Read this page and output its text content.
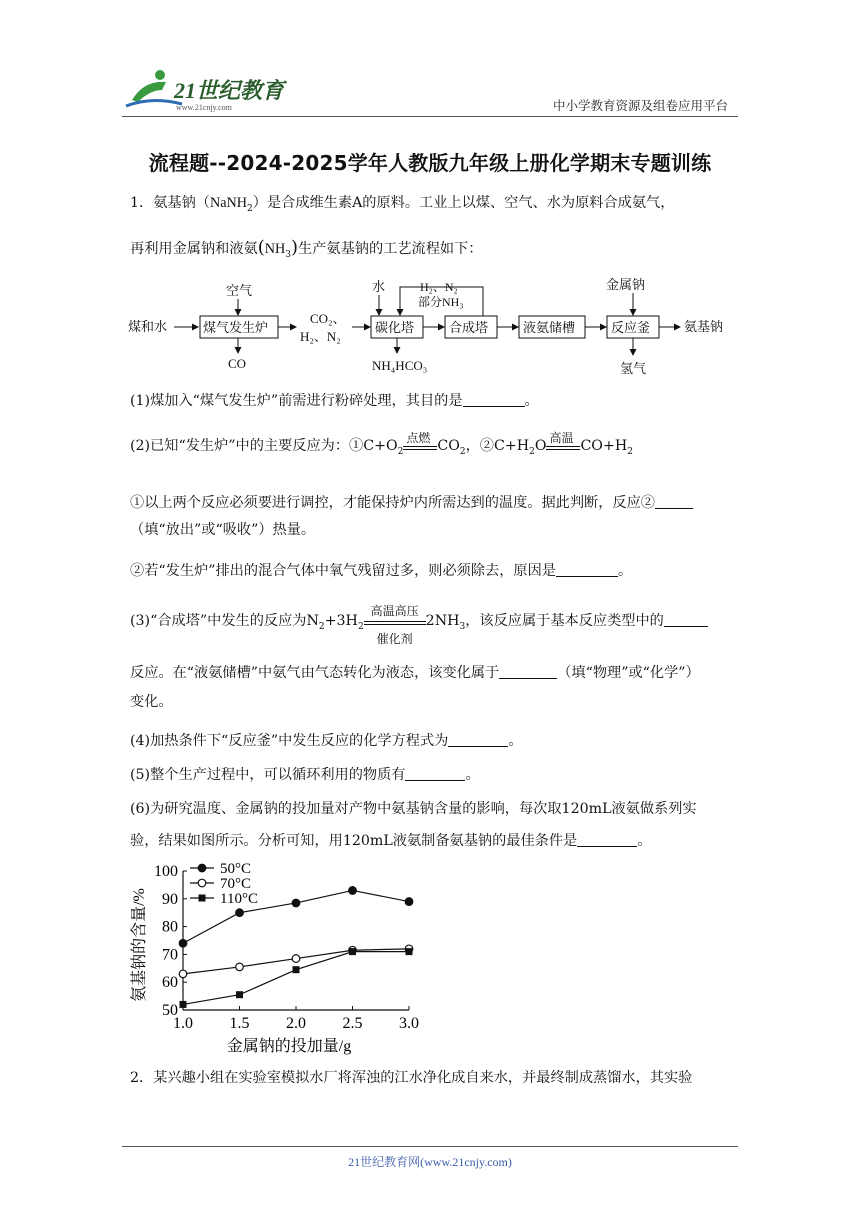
21世纪教育
www.21cnjy.com	中小学教育资源及组卷应用平台
流程题--2024-2025学年人教版九年级上册化学期末专题训练
1．氨基钠（NaNH$_2$）是合成维生素A的原料。工业上以煤、空气、水为原料合成氨气，
再利用金属钠和液氨$(NH_3)$生产氨基钠的工艺流程如下：
煤和水
空气
煤气发生炉
CO
CO₂、
H₂、N₂
水
碳化塔
NH₄HCO₃
合成塔
H₂、N₂
部分NH₃
液氨储槽
金属钠
反应釜
氢气
氨基钠
(1)煤加入“煤气发生炉”前需进行粉碎处理，其目的是	。
(2)已知“发生炉”中的主要反应为：$①C+O_2$
点燃 $CO_2$，$②C+H_2O$ 高温 $CO+H_2$
①以上两个反应必须要进行调控，才能保持炉内所需达到的温度。据此判断，反应②
（填“放出”或“吸收”）热量。
②若“发生炉”排出的混合气体中氧气残留过多，则必须除去，原因是	。
(3)“合成塔”中发生的反应为$N_2+3H_2$
高温高压
催化剂
$2NH_3$，该反应属于基本反应类型中的
反应。在“液氨储槽”中氨气由气态转化为液态，该变化属于	（填“物理”或“化学”）
变化。
(4)加热条件下“反应釜”中发生反应的化学方程式为	。
(5)整个生产过程中，可以循环利用的物质有	。
(6)为研究温度、金属钠的投加量对产物中氨基钠含量的影响，每次取120mL液氨做系列实
验，结果如图所示。分析可知，用120mL液氨制备氨基钠的最佳条件是	。
50
60
70
80
90
100
1.0 1.5 2.0 2.5 3.0
50°C
70°C
110°C
金属钠的投加量/g
氨基钠的含量/%
2．某兴趣小组在实验室模拟水厂将浑浊的江水净化成自来水，并最终制成蒸馏水，其实验
21世纪教育网(www.21cnjy.com)
